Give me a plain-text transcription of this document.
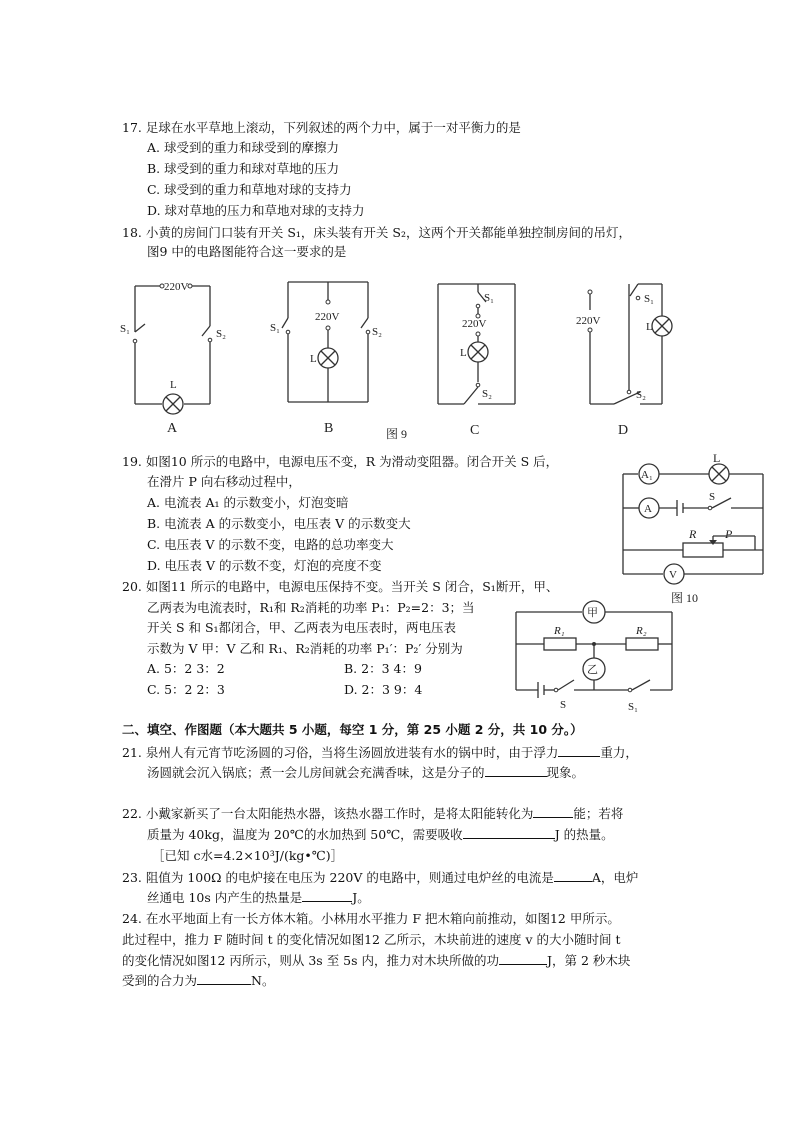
17. 足球在水平草地上滚动，下列叙述的两个力中，属于一对平衡力的是
A. 球受到的重力和球受到的摩擦力
B. 球受到的重力和球对草地的压力
C. 球受到的重力和草地对球的支持力
D. 球对草地的压力和草地对球的支持力
18. 小黄的房间门口装有开关 S₁，床头装有开关 S₂，这两个开关都能单独控制房间的吊灯，
图9 中的电路图能符合这一要求的是
220V
S₁	S₂
L
A
S₁	S₂
220V
L
S₁
220V
L
S₂
C
220V
S₁
L
S₂
D
B	图 9
19. 如图10 所示的电路中，电源电压不变，R 为滑动变阻器。闭合开关 S 后，
在滑片 P 向右移动过程中，
A. 电流表 A₁ 的示数变小，灯泡变暗
B. 电流表 A 的示数变小，电压表 V 的示数变大
C. 电压表 V 的示数不变，电路的总功率变大
D. 电压表 V 的示数不变，灯泡的亮度不变
A₁
L
A
S
R P
V
图 10
20. 如图11 所示的电路中，电源电压保持不变。当开关 S 闭合，S₁断开，甲、
乙两表为电流表时，R₁和 R₂消耗的功率 P₁：P₂=2：3；当
开关 S 和 S₁都闭合，甲、乙两表为电压表时，两电压表
示数为 V 甲：V 乙和 R₁、R₂消耗的功率 P₁′：P₂′ 分别为
A. 5：2 3：2	B. 2：3 4：9
C. 5：2 2：3	D. 2：3 9：4
甲
R₁	R₂
乙
S	S₁
二、填空、作图题（本大题共 5 小题，每空 1 分，第 25 小题 2 分，共 10 分。）
21. 泉州人有元宵节吃汤圆的习俗，当将生汤圆放进装有水的锅中时，由于浮力	重力，
汤圆就会沉入锅底；煮一会儿房间就会充满香味，这是分子的	现象。
22. 小戴家新买了一台太阳能热水器，该热水器工作时，是将太阳能转化为	能；若将
质量为 40kg，温度为 20℃的水加热到 50℃，需要吸收	J 的热量。
［已知 c水=4.2×10³J/(kg•℃)］
23. 阻值为 100Ω 的电炉接在电压为 220V 的电路中，则通过电炉丝的电流是	A，电炉
丝通电 10s 内产生的热量是	J。
24. 在水平地面上有一长方体木箱。小林用水平推力 F 把木箱向前推动，如图12 甲所示。
此过程中，推力 F 随时间 t 的变化情况如图12 乙所示，木块前进的速度 v 的大小随时间 t
的变化情况如图12 丙所示，则从 3s 至 5s 内，推力对木块所做的功	J，第 2 秒木块
受到的合力为	N。
